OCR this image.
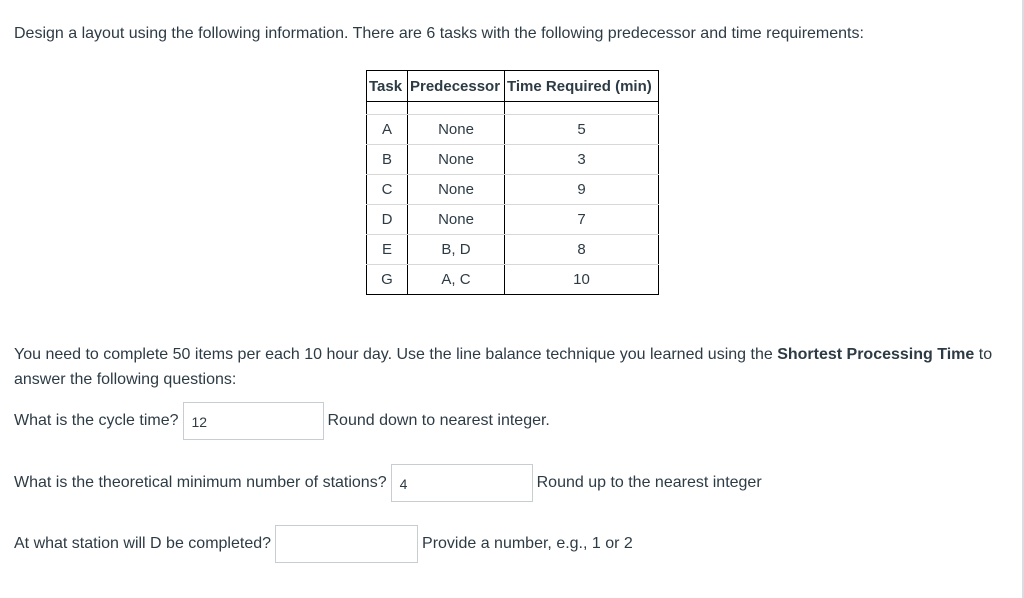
Design a layout using the following information. There are 6 tasks with the following predecessor and time requirements:

Task	Predecessor	Time Required (min)

A	None	5
B	None	3
C	None	9
D	None	7
E	B, D	8
G	A, C	10

You need to complete 50 items per each 10 hour day. Use the line balance technique you learned using the Shortest Processing Time to answer the following questions:

What is the cycle time? 12	Round down to nearest integer.
What is the theoretical minimum number of stations? 4	Round up to the nearest integer
At what station will D be completed?	Provide a number, e.g., 1 or 2
